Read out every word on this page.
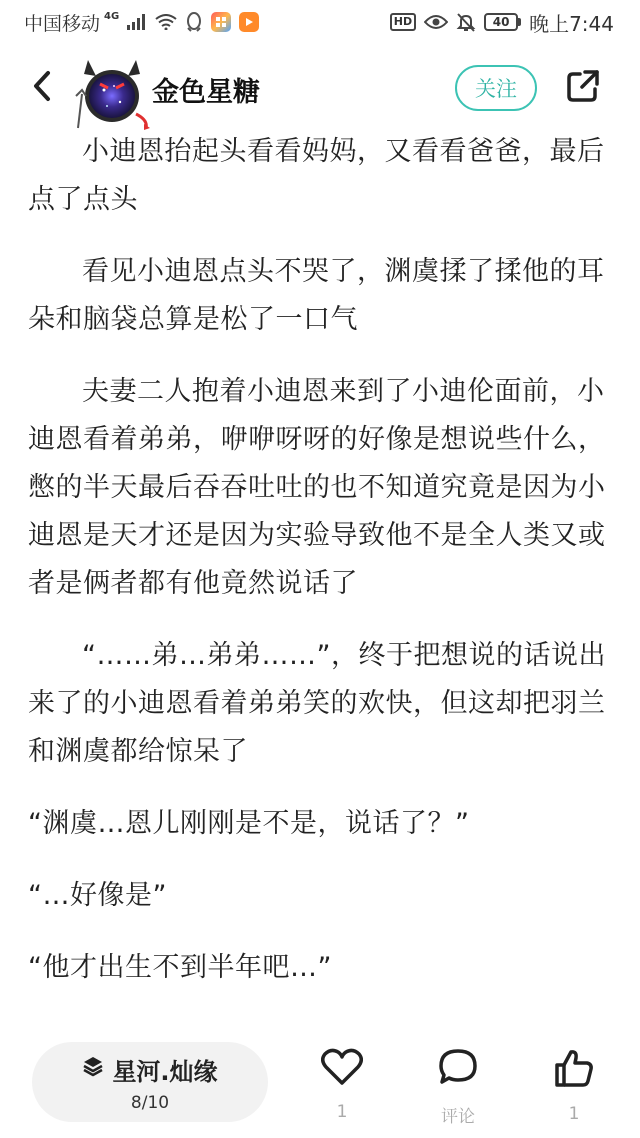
中国移动 4G	HD	40 晚上7:44
金色星糖	关注

小迪恩抬起头看看妈妈，又看看爸爸，最后点了点头

看见小迪恩点头不哭了，渊虞揉了揉他的耳朵和脑袋总算是松了一口气

夫妻二人抱着小迪恩来到了小迪伦面前，小迪恩看着弟弟，咿咿呀呀的好像是想说些什么，憋的半天最后吞吞吐吐的也不知道究竟是因为小迪恩是天才还是因为实验导致他不是全人类又或者是俩者都有他竟然说话了

“……弟…弟弟……”，终于把想说的话说出来了的小迪恩看着弟弟笑的欢快，但这却把羽兰和渊虞都给惊呆了

“渊虞…恩儿刚刚是不是，说话了？”

“…好像是”

“他才出生不到半年吧…”

星河.灿缘
8/10	1	评论	1
